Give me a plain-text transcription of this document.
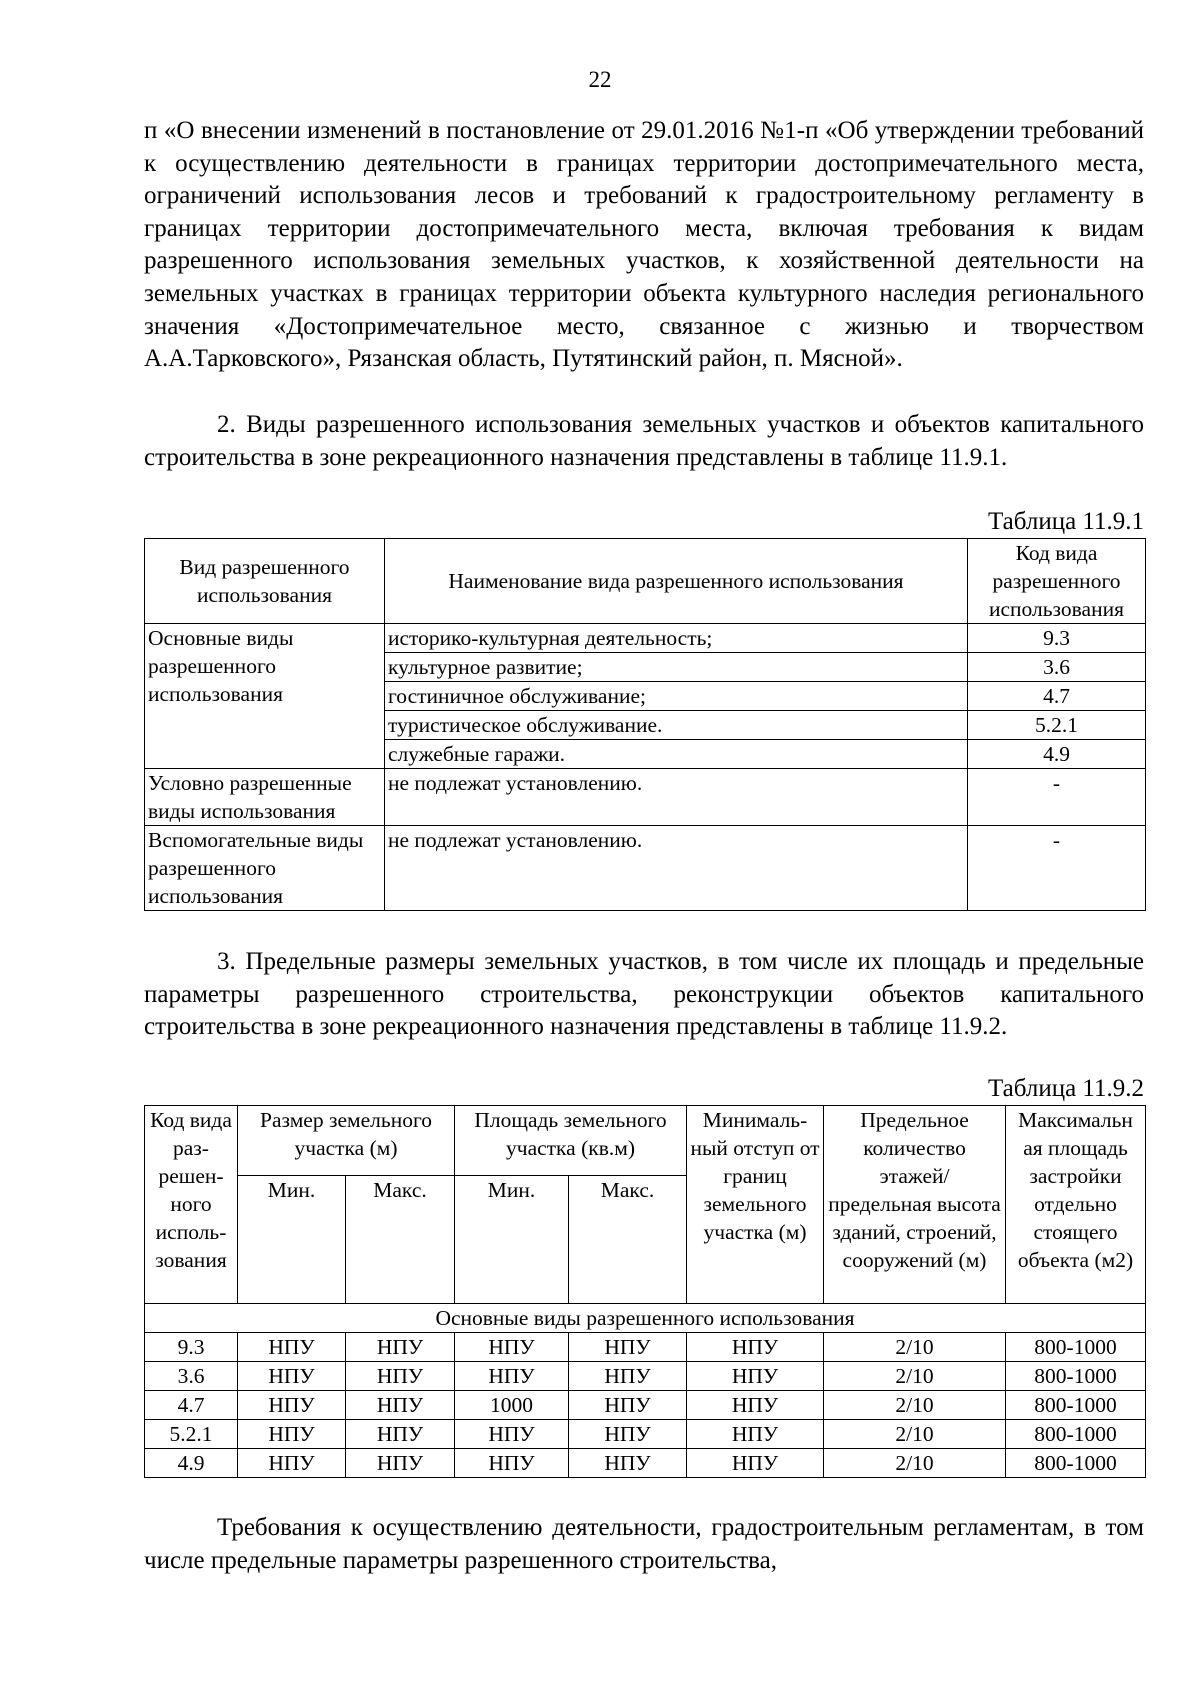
22

п «О внесении изменений в постановление от 29.01.2016 №1-п «Об утверждении требований к осуществлению деятельности в границах территории достопримечательного места, ограничений использования лесов и требований к градостроительному регламенту в границах территории достопримечательного места, включая требования к видам разрешенного использования земельных участков, к хозяйственной деятельности на земельных участках в границах территории объекта культурного наследия регионального значения «Достопримечательное место, связанное с жизнью и творчеством А.А.Тарковского», Рязанская область, Путятинский район, п. Мясной».

2. Виды разрешенного использования земельных участков и объектов капитального строительства в зоне рекреационного назначения представлены в таблице 11.9.1.

Таблица 11.9.1
Вид разрешенного использования	Наименование вида разрешенного использования	Код вида разрешенного использования
Основные виды разрешенного использования	историко-культурная деятельность;	9.3
	культурное развитие;	3.6
	гостиничное обслуживание;	4.7
	туристическое обслуживание.	5.2.1
	служебные гаражи.	4.9
Условно разрешенные виды использования	не подлежат установлению.	-
Вспомогательные виды разрешенного использования	не подлежат установлению.	-

3. Предельные размеры земельных участков, в том числе их площадь и предельные параметры разрешенного строительства, реконструкции объектов капитального строительства в зоне рекреационного назначения представлены в таблице 11.9.2.

Таблица 11.9.2
Код вида раз- решен- ного исполь- зования	Размер земельного участка (м)		Площадь земельного участка (кв.м)		Минималь- ный отступ от границ земельного участка (м)	Предельное количество этажей/ предельная высота зданий, строений, сооружений (м)	Максимальн ая площадь застройки отдельно стоящего объекта (м2)
	Мин.	Макс.	Мин.	Макс.			
Основные виды разрешенного использования							
9.3	НПУ	НПУ	НПУ	НПУ	НПУ	2/10	800-1000
3.6	НПУ	НПУ	НПУ	НПУ	НПУ	2/10	800-1000
4.7	НПУ	НПУ	1000	НПУ	НПУ	2/10	800-1000
5.2.1	НПУ	НПУ	НПУ	НПУ	НПУ	2/10	800-1000
4.9	НПУ	НПУ	НПУ	НПУ	НПУ	2/10	800-1000

Требования к осуществлению деятельности, градостроительным регламентам, в том числе предельные параметры разрешенного строительства,
